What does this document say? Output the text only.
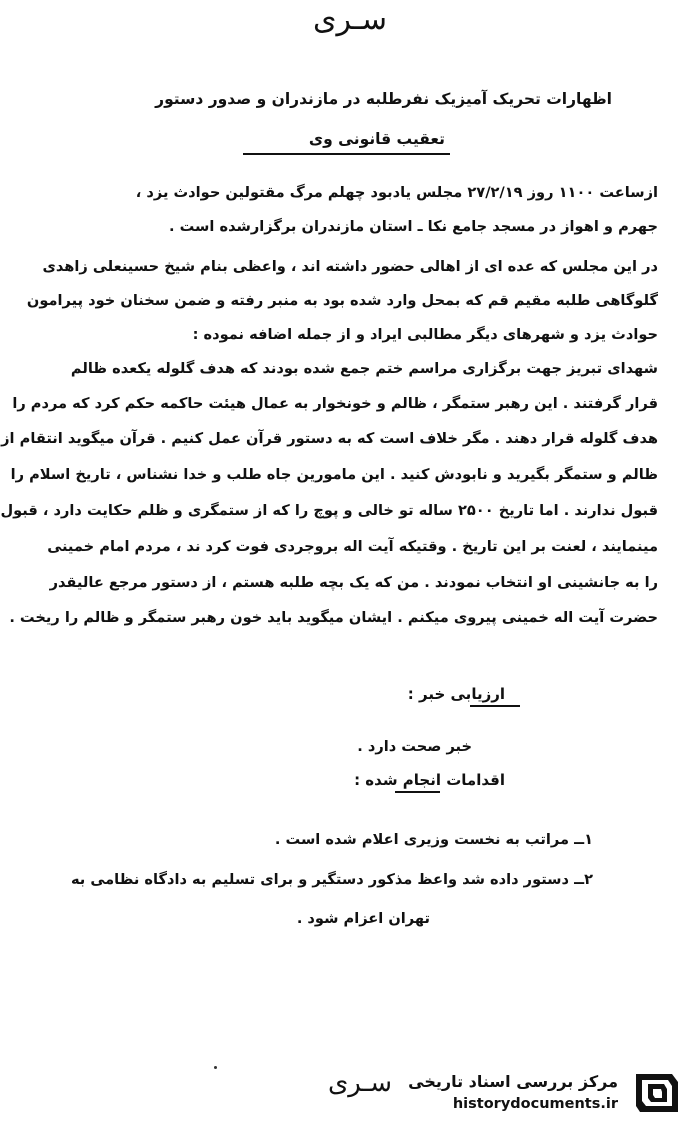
سـری
اظهارات تحریک آمیزیک نفرطلبه در مازندران و صدور دستور
تعقیب قانونی وی
ازساعت ۱۱۰۰ روز ۲۷/۲/۱۹ مجلس یادبود چهلم مرگ مقتولین حوادث یزد ،
جهرم و اهواز در مسجد جامع نکا ـ استان مازندران برگزارشده است .
در این مجلس که عده ای از اهالی حضور داشته اند ، واعظی بنام شیخ حسینعلی زاهدی
گلوگاهی طلبه مقیم قم که بمحل وارد شده بود به منبر رفته و ضمن سخنان خود پیرامون
حوادث یزد و شهرهای دیگر مطالبی ایراد و از جمله اضافه نموده :
شهدای تبریز جهت برگزاری مراسم ختم جمع شده بودند که هدف گلوله یکعده ظالم
قرار گرفتند . این رهبر ستمگر ، ظالم و خونخوار به عمال هیئت حاکمه حکم کرد که مردم را
هدف گلوله قرار دهند . مگر خلاف است که به دستور قرآن عمل کنیم . قرآن میگوید انتقام از
ظالم و ستمگر بگیرید و نابودش کنید . این مامورین جاه طلب و خدا نشناس ، تاریخ اسلام را
قبول ندارند . اما تاریخ ۲۵۰۰ ساله تو خالی و پوچ را که از ستمگری و ظلم حکایت دارد ، قبول
مینمایند ، لعنت بر این تاریخ . وقتیکه آیت اله بروجردی فوت کرد ند ، مردم امام خمینی
را به جانشینی او انتخاب نمودند . من که یک بچه طلبه هستم ، از دستور مرجع عالیقدر
حضرت آیت اله خمینی پیروی میکنم . ایشان میگوید باید خون رهبر ستمگر و ظالم را ریخت .
ارزیابی خبر :
خبر صحت دارد .
اقدامات انجام شده :
۱ــ مراتب به نخست وزیری اعلام شده است .
۲ــ دستور داده شد واعظ مذکور دستگیر و برای تسلیم به دادگاه نظامی به
تهران اعزام شود .
سـری	مرکز بررسی اسناد تاریخی
historydocuments.ir
